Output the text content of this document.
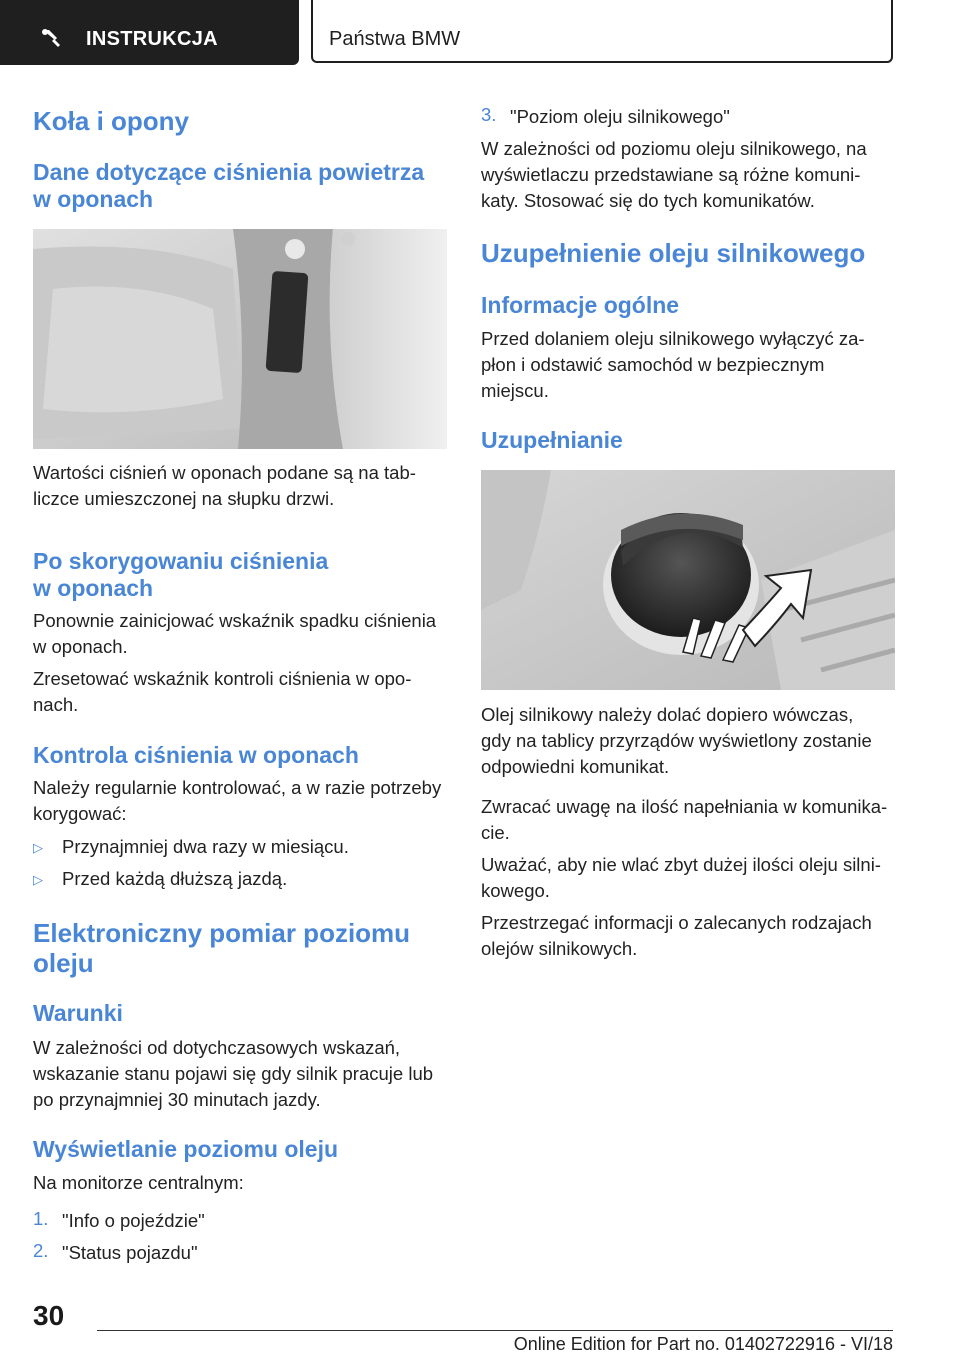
INSTRUKCJA	Państwa BMW
Koła i opony
Dane dotyczące ciśnienia powietrza
w oponach
Wartości ciśnień w oponach podane są na tab-
liczce umieszczonej na słupku drzwi.
Po skorygowaniu ciśnienia
w oponach
Ponownie zainicjować wskaźnik spadku ciśnienia
w oponach.
Zresetować wskaźnik kontroli ciśnienia w opo-
nach.
Kontrola ciśnienia w oponach
Należy regularnie kontrolować, a w razie potrzeby
korygować:
▷ Przynajmniej dwa razy w miesiącu.
▷ Przed każdą dłuższą jazdą.
Elektroniczny pomiar poziomu
oleju
Warunki
W zależności od dotychczasowych wskazań,
wskazanie stanu pojawi się gdy silnik pracuje lub
po przynajmniej 30 minutach jazdy.
Wyświetlanie poziomu oleju
Na monitorze centralnym:
1. "Info o pojeździe"
2. "Status pojazdu"
3. "Poziom oleju silnikowego"
W zależności od poziomu oleju silnikowego, na
wyświetlaczu przedstawiane są różne komuni-
katy. Stosować się do tych komunikatów.
Uzupełnienie oleju silnikowego
Informacje ogólne
Przed dolaniem oleju silnikowego wyłączyć za-
płon i odstawić samochód w bezpiecznym
miejscu.
Uzupełnianie
Olej silnikowy należy dolać dopiero wówczas,
gdy na tablicy przyrządów wyświetlony zostanie
odpowiedni komunikat.
Zwracać uwagę na ilość napełniania w komunika-
cie.
Uważać, aby nie wlać zbyt dużej ilości oleju silni-
kowego.
Przestrzegać informacji o zalecanych rodzajach
olejów silnikowych.
30
Online Edition for Part no. 01402722916 - VI/18
